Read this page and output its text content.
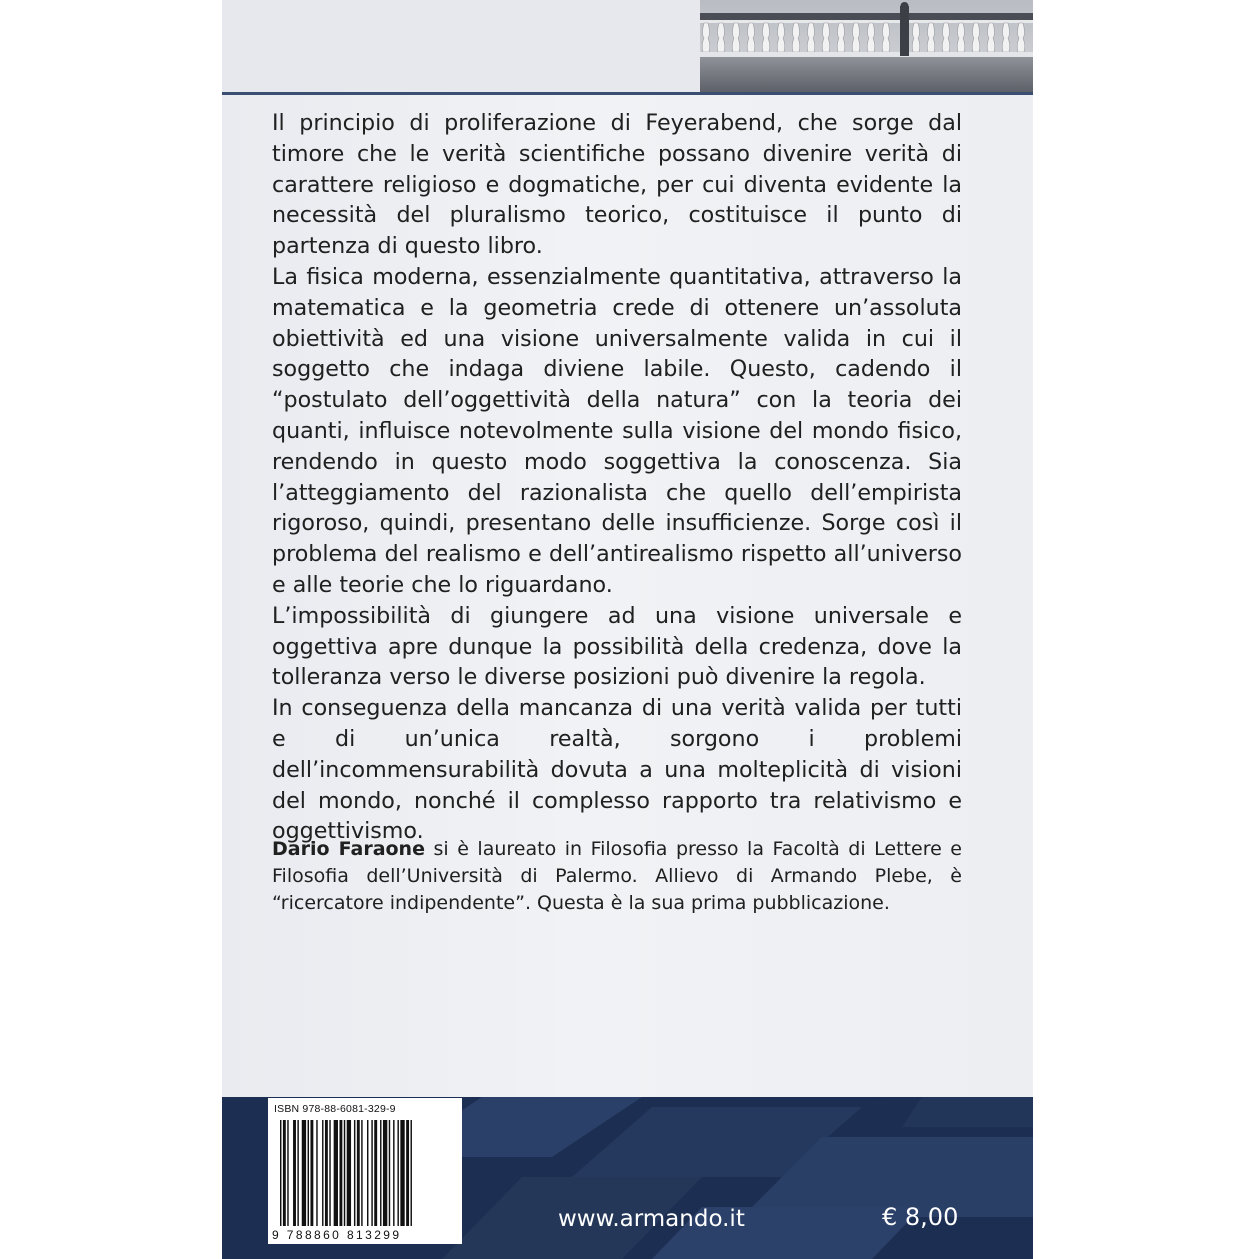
Il principio di proliferazione di Feyerabend, che sorge dal timore che le verità scientifiche possano divenire verità di carattere religioso e dogmatiche, per cui diventa evidente la necessità del pluralismo teorico, costituisce il punto di partenza di questo libro.

La fisica moderna, essenzialmente quantitativa, attraverso la matematica e la geometria crede di ottenere un’assoluta obiettività ed una visione universalmente valida in cui il soggetto che indaga diviene labile. Questo, cadendo il “postulato dell’oggettività della natura” con la teoria dei quanti, influisce notevolmente sulla visione del mondo fisico, rendendo in questo modo soggettiva la conoscenza. Sia l’atteggiamento del razionalista che quello dell’empirista rigoroso, quindi, presentano delle insufficienze. Sorge così il problema del realismo e dell’antirealismo rispetto all’universo e alle teorie che lo riguardano.

L’impossibilità di giungere ad una visione universale e oggettiva apre dunque la possibilità della credenza, dove la tolleranza verso le diverse posizioni può divenire la regola.

In conseguenza della mancanza di una verità valida per tutti e di un’unica realtà, sorgono i problemi dell’incommensurabilità dovuta a una molteplicità di visioni del mondo, nonché il complesso rapporto tra relativismo e oggettivismo.

Dario Faraone si è laureato in Filosofia presso la Facoltà di Lettere e Filosofia dell’Università di Palermo. Allievo di Armando Plebe, è “ricercatore indipendente”. Questa è la sua prima pubblicazione.
ISBN 978-88-6081-329-9
9 788860 813299
www.armando.it	€ 8,00
